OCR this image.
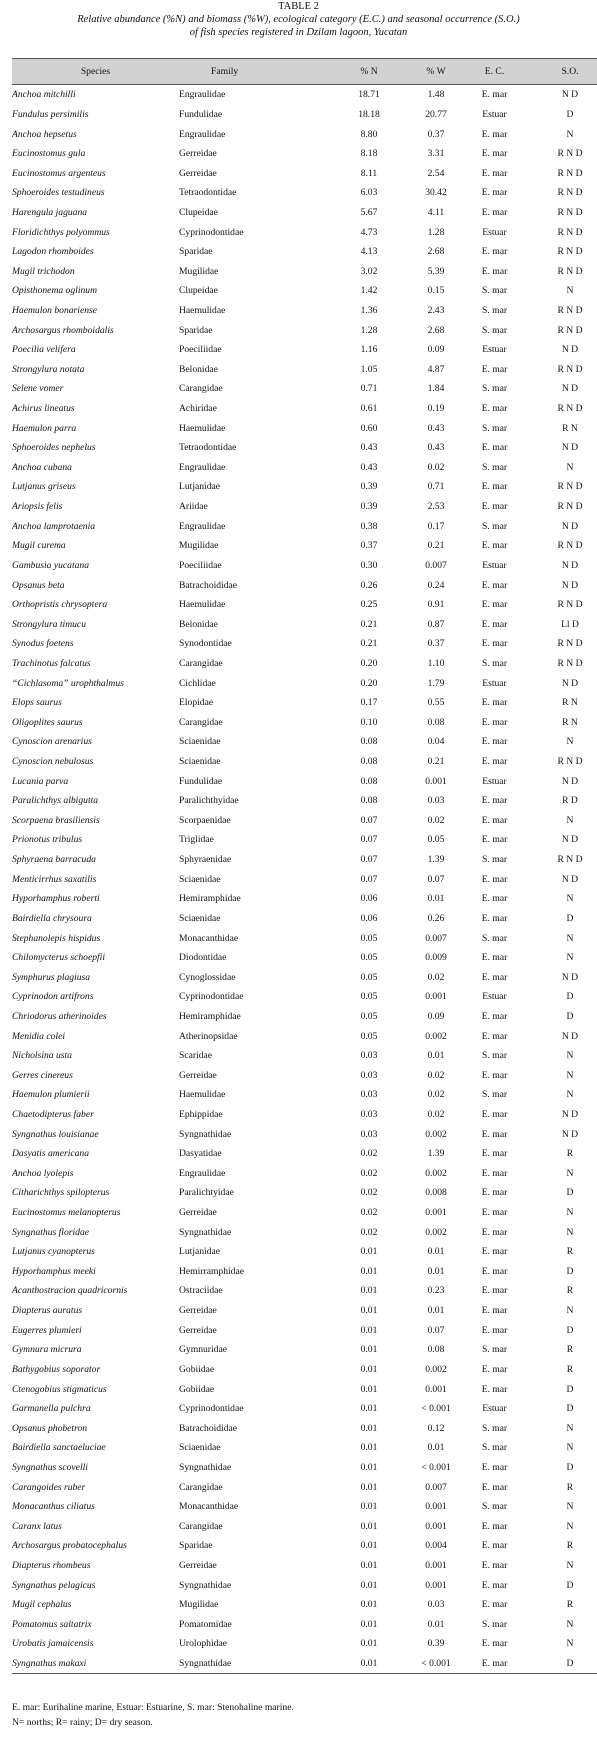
TABLE 2
Relative abundance (%N) and biomass (%W), ecological category (E.C.) and seasonal occurrence (S.O.)
of fish species registered in Dzilam lagoon, Yucatan
Species	Family	% N	% W	E. C.	S.O.
Anchoa mitchilli	Engraulidae	18.71	1.48	E. mar	N D
Fundulus persimilis	Fundulidae	18.18	20.77	Estuar	D
Anchoa hepsetus	Engraulidae	8.80	0.37	E. mar	N
Eucinostomus gula	Gerreidae	8.18	3.31	E. mar	R N D
Eucinostomus argenteus	Gerreidae	8.11	2.54	E. mar	R N D
Sphoeroides testudineus	Tetraodontidae	6.03	30.42	E. mar	R N D
Harengula jaguana	Clupeidae	5.67	4.11	E. mar	R N D
Floridichthys polyommus	Cyprinodontidae	4.73	1.28	Estuar	R N D
Lagodon rhomboides	Sparidae	4.13	2.68	E. mar	R N D
Mugil trichodon	Mugilidae	3.02	5.39	E. mar	R N D
Opisthonema oglinum	Clupeidae	1.42	0.15	S. mar	N
Haemulon bonariense	Haemulidae	1.36	2.43	S. mar	R N D
Archosargus rhomboidalis	Sparidae	1.28	2.68	S. mar	R N D
Poecilia velifera	Poeciliidae	1.16	0.09	Estuar	N D
Strongylura notata	Belonidae	1.05	4.87	E. mar	R N D
Selene vomer	Carangidae	0.71	1.84	S. mar	N D
Achirus lineatus	Achiridae	0.61	0.19	E. mar	R N D
Haemulon parra	Haemulidae	0.60	0.43	S. mar	R N
Sphoeroides nephelus	Tetraodontidae	0.43	0.43	E. mar	N D
Anchoa cubana	Engraulidae	0.43	0.02	S. mar	N
Lutjanus griseus	Lutjanidae	0.39	0.71	E. mar	R N D
Ariopsis felis	Ariidae	0.39	2.53	E. mar	R N D
Anchoa lamprotaenia	Engraulidae	0.38	0.17	S. mar	N D
Mugil curema	Mugilidae	0.37	0.21	E. mar	R N D
Gambusia yucatana	Poeciliidae	0.30	0.007	Estuar	N D
Opsanus beta	Batrachoididae	0.26	0.24	E. mar	N D
Orthopristis chrysoptera	Haemulidae	0.25	0.91	E. mar	R N D
Strongylura timucu	Belonidae	0.21	0.87	E. mar	Ll D
Synodus foetens	Synodontidae	0.21	0.37	E. mar	R N D
Trachinotus falcatus	Carangidae	0.20	1.10	S. mar	R N D
“Cichlasoma” urophthalmus	Cichlidae	0.20	1.79	Estuar	N D
Elops saurus	Elopidae	0.17	0.55	E. mar	R N
Oligoplites saurus	Carangidae	0.10	0.08	E. mar	R N
Cynoscion arenarius	Sciaenidae	0.08	0.04	E. mar	N
Cynoscion nebulosus	Sciaenidae	0.08	0.21	E. mar	R N D
Lucania parva	Fundulidae	0.08	0.001	Estuar	N D
Paralichthys albigutta	Paralichthyidae	0.08	0.03	E. mar	R D
Scorpaena brasiliensis	Scorpaenidae	0.07	0.02	E. mar	N
Prionotus tribulus	Triglidae	0.07	0.05	E. mar	N D
Sphyraena barracuda	Sphyraenidae	0.07	1.39	S. mar	R N D
Menticirrhus saxatilis	Sciaenidae	0.07	0.07	E. mar	N D
Hyporhamphus roberti	Hemiramphidae	0.06	0.01	E. mar	N
Bairdiella chrysoura	Sciaenidae	0.06	0.26	E. mar	D
Stephanolepis hispidus	Monacanthidae	0.05	0.007	S. mar	N
Chilomycterus schoepfii	Diodontidae	0.05	0.009	E. mar	N
Symphurus plagiusa	Cynoglossidae	0.05	0.02	E. mar	N D
Cyprinodon artifrons	Cyprinodontidae	0.05	0.001	Estuar	D
Chriodorus atherinoides	Hemiramphidae	0.05	0.09	E. mar	D
Menidia colei	Atherinopsidae	0.05	0.002	E. mar	N D
Nicholsina usta	Scaridae	0.03	0.01	S. mar	N
Gerres cinereus	Gerreidae	0.03	0.02	E. mar	N
Haemulon plumierii	Haemulidae	0.03	0.02	S. mar	N
Chaetodipterus faber	Ephippidae	0.03	0.02	E. mar	N D
Syngnathus louisianae	Syngnathidae	0.03	0.002	E. mar	N D
Dasyatis americana	Dasyatidae	0.02	1.39	E. mar	R
Anchoa lyolepis	Engraulidae	0.02	0.002	E. mar	N
Citharichthys spilopterus	Paralichtyidae	0.02	0.008	E. mar	D
Eucinostomus melanopterus	Gerreidae	0.02	0.001	E. mar	N
Syngnathus floridae	Syngnathidae	0.02	0.002	E. mar	N
Lutjanus cyanopterus	Lutjanidae	0.01	0.01	E. mar	R
Hyporhamphus meeki	Hemirramphidae	0.01	0.01	E. mar	D
Acanthostracion quadricornis	Ostraciidae	0.01	0.23	E. mar	R
Diapterus auratus	Gerreidae	0.01	0.01	E. mar	N
Eugerres plumieri	Gerreidae	0.01	0.07	E. mar	D
Gymnura micrura	Gymnuridae	0.01	0.08	S. mar	R
Bathygobius soporator	Gobiidae	0.01	0.002	E. mar	R
Ctenogobius stigmaticus	Gobiidae	0.01	0.001	E. mar	D
Garmanella pulchra	Cyprinodontidae	0.01	< 0.001	Estuar	D
Opsanus phobetron	Batrachoididae	0.01	0.12	S. mar	N
Bairdiella sanctaeluciae	Sciaenidae	0.01	0.01	S. mar	N
Syngnathus scovelli	Syngnathidae	0.01	< 0.001	E. mar	D
Carangoides ruber	Carangidae	0.01	0.007	E. mar	R
Monacanthus ciliatus	Monacanthidae	0.01	0.001	S. mar	N
Caranx latus	Carangidae	0.01	0.001	E. mar	N
Archosargus probatocephalus	Sparidae	0.01	0.004	E. mar	R
Diapterus rhombeus	Gerreidae	0.01	0.001	E. mar	N
Syngnathus pelagicus	Syngnathidae	0.01	0.001	E. mar	D
Mugil cephalus	Mugilidae	0.01	0.03	E. mar	R
Pomatomus saltatrix	Pomatomidae	0.01	0.01	S. mar	N
Urobatis jamaicensis	Urolophidae	0.01	0.39	E. mar	N
Syngnathus makaxi	Syngnathidae	0.01	< 0.001	E. mar	D
E. mar: Eurihaline marine, Estuar: Estuarine, S. mar: Stenohaline marine.
N= norths; R= rainy; D= dry season.
